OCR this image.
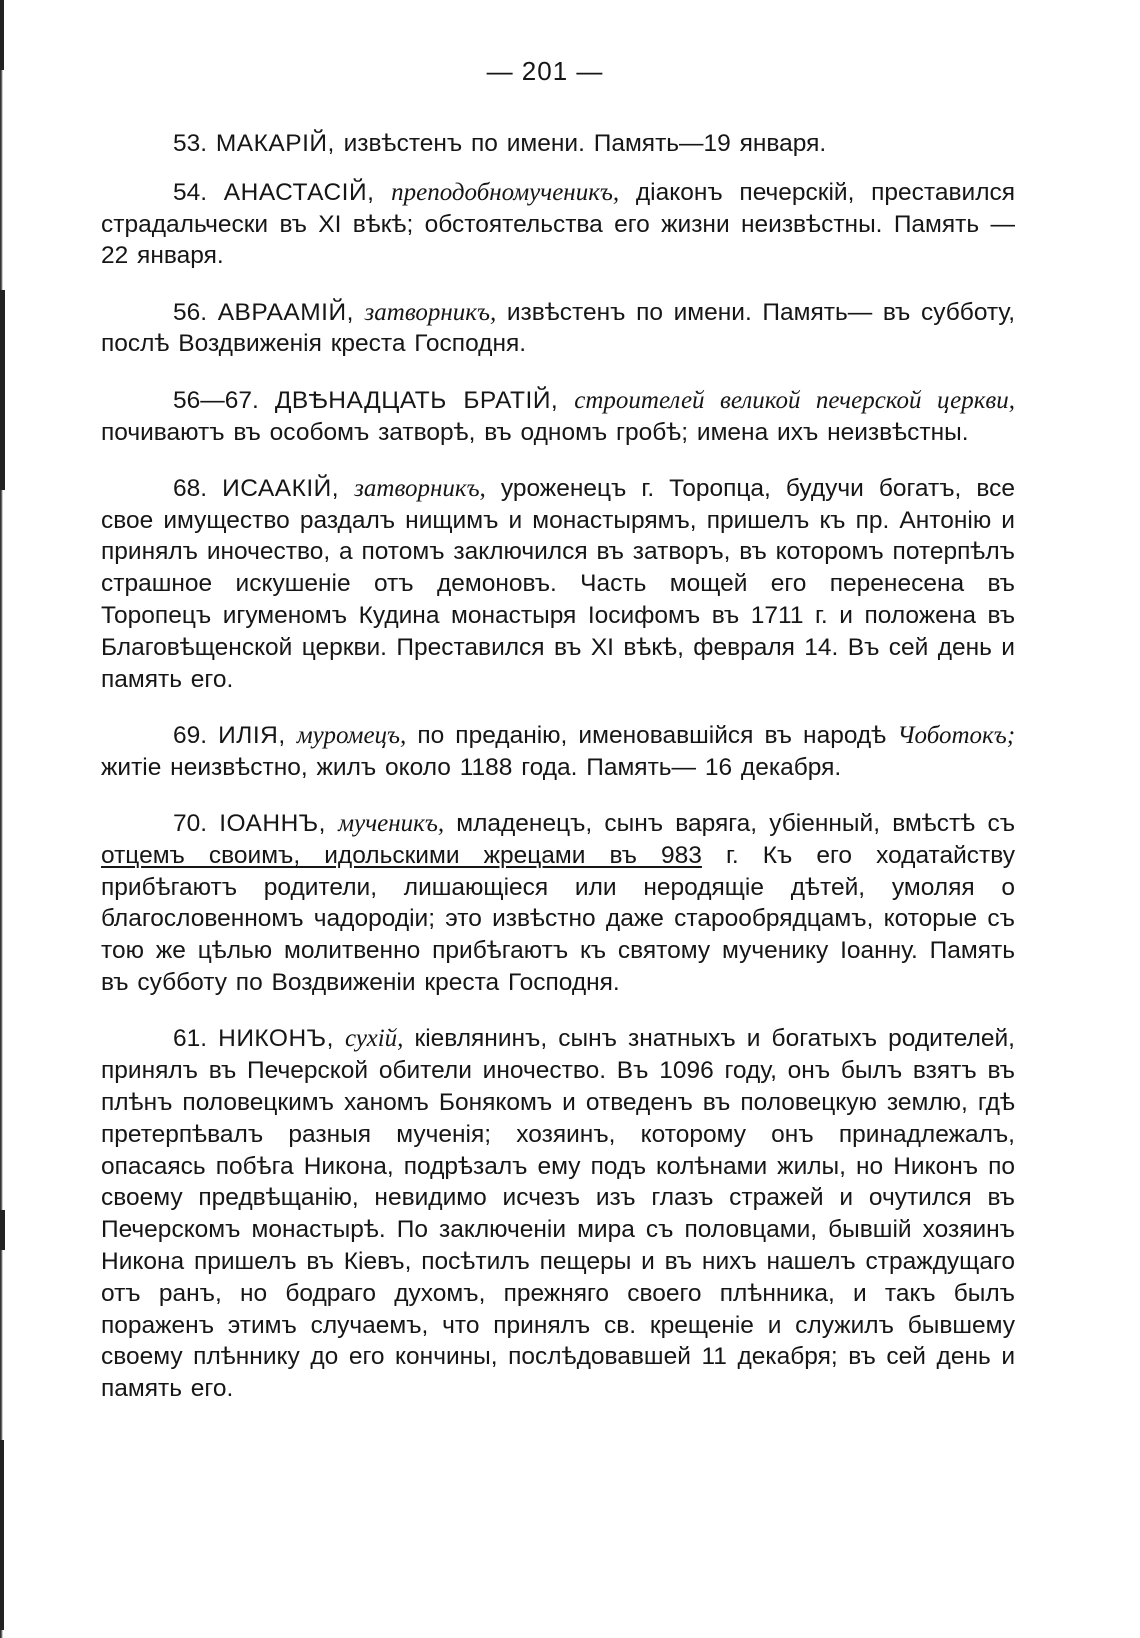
— 201 —

53. МАКАРІЙ, извѣстенъ по имени. Память—19 января.

54. АНАСТАСІЙ, преподобномученикъ, діаконъ печерскій, преставился страдальчески въ XI вѣкѣ; обстоятельства его жизни неизвѣстны. Память — 22 января.

56. АВРААМІЙ, затворникъ, извѣстенъ по имени. Память— въ субботу, послѣ Воздвиженія креста Господня.

56—67. ДВѢНАДЦАТЬ БРАТІЙ, строителей великой печерской церкви, почиваютъ въ особомъ затворѣ, въ одномъ гробѣ; имена ихъ неизвѣстны.

68. ИСААКІЙ, затворникъ, уроженецъ г. Торопца, будучи богатъ, все свое имущество раздалъ нищимъ и монастырямъ, пришелъ къ пр. Антонію и принялъ иночество, а потомъ заключился въ затворъ, въ которомъ потерпѣлъ страшное искушеніе отъ демоновъ. Часть мощей его перенесена въ Торопецъ игуменомъ Кудина монастыря Іосифомъ въ 1711 г. и положена въ Благовѣщенской церкви. Преставился въ XI вѣкѣ, февраля 14. Въ сей день и память его.

69. ИЛІЯ, муромецъ, по преданію, именовавшійся въ народѣ Чоботокъ; житіе неизвѣстно, жилъ около 1188 года. Память— 16 декабря.

70. ІОАННЪ, мученикъ, младенецъ, сынъ варяга, убіенный, вмѣстѣ съ отцемъ своимъ, идольскими жрецами въ 983 г. Къ его ходатайству прибѣгаютъ родители, лишающіеся или неродящіе дѣтей, умоляя о благословенномъ чадородіи; это извѣстно даже старообрядцамъ, которые съ тою же цѣлью молитвенно прибѣгаютъ къ святому мученику Іоанну. Память въ субботу по Воздвиженіи креста Господня.

61. НИКОНЪ, сухій, кіевлянинъ, сынъ знатныхъ и богатыхъ родителей, принялъ въ Печерской обители иночество. Въ 1096 году, онъ былъ взятъ въ плѣнъ половецкимъ ханомъ Бонякомъ и отведенъ въ половецкую землю, гдѣ претерпѣвалъ разныя мученія; хозяинъ, которому онъ принадлежалъ, опасаясь побѣга Никона, подрѣзалъ ему подъ колѣнами жилы, но Никонъ по своему предвѣщанію, невидимо исчезъ изъ глазъ стражей и очутился въ Печерскомъ монастырѣ. По заключеніи мира съ половцами, бывшій хозяинъ Никона пришелъ въ Кіевъ, посѣтилъ пещеры и въ нихъ нашелъ страждущаго отъ ранъ, но бодраго духомъ, прежняго своего плѣнника, и такъ былъ пораженъ этимъ случаемъ, что принялъ св. крещеніе и служилъ бывшему своему плѣннику до его кончины, послѣдовавшей 11 декабря; въ сей день и память его.
